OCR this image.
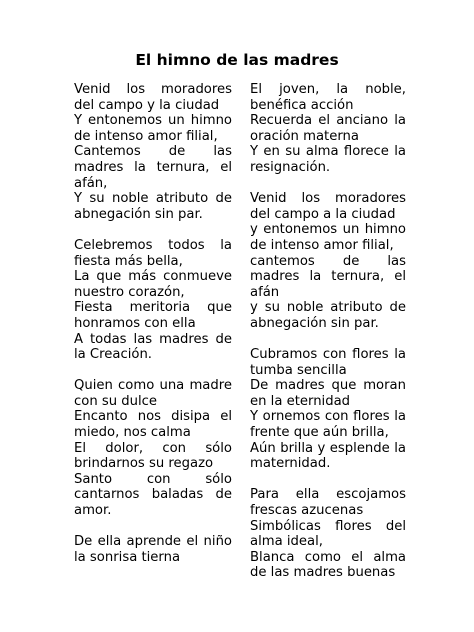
El himno de las madres
Venid los moradores del campo y la ciudad
Y entonemos un himno de intenso amor filial,
Cantemos de las madres la ternura, el afán,
Y su noble atributo de abnegación sin par.
Celebremos todos la fiesta más bella,
La que más conmueve nuestro corazón,
Fiesta meritoria que honramos con ella
A todas las madres de la Creación.
Quien como una madre con su dulce
Encanto nos disipa el miedo, nos calma
El dolor, con sólo brindarnos su regazo
Santo con sólo cantarnos baladas de amor.
De ella aprende el niño la sonrisa tierna
El joven, la noble, benéfica acción
Recuerda el anciano la oración materna
Y en su alma florece la resignación.
Venid los moradores del campo a la ciudad
y entonemos un himno de intenso amor filial,
cantemos de las madres la ternura, el afán
y su noble atributo de abnegación sin par.
Cubramos con flores la tumba sencilla
De madres que moran en la eternidad
Y ornemos con flores la frente que aún brilla,
Aún brilla y esplende la maternidad.
Para ella escojamos frescas azucenas
Simbólicas flores del alma ideal,
Blanca como el alma de las madres buenas
